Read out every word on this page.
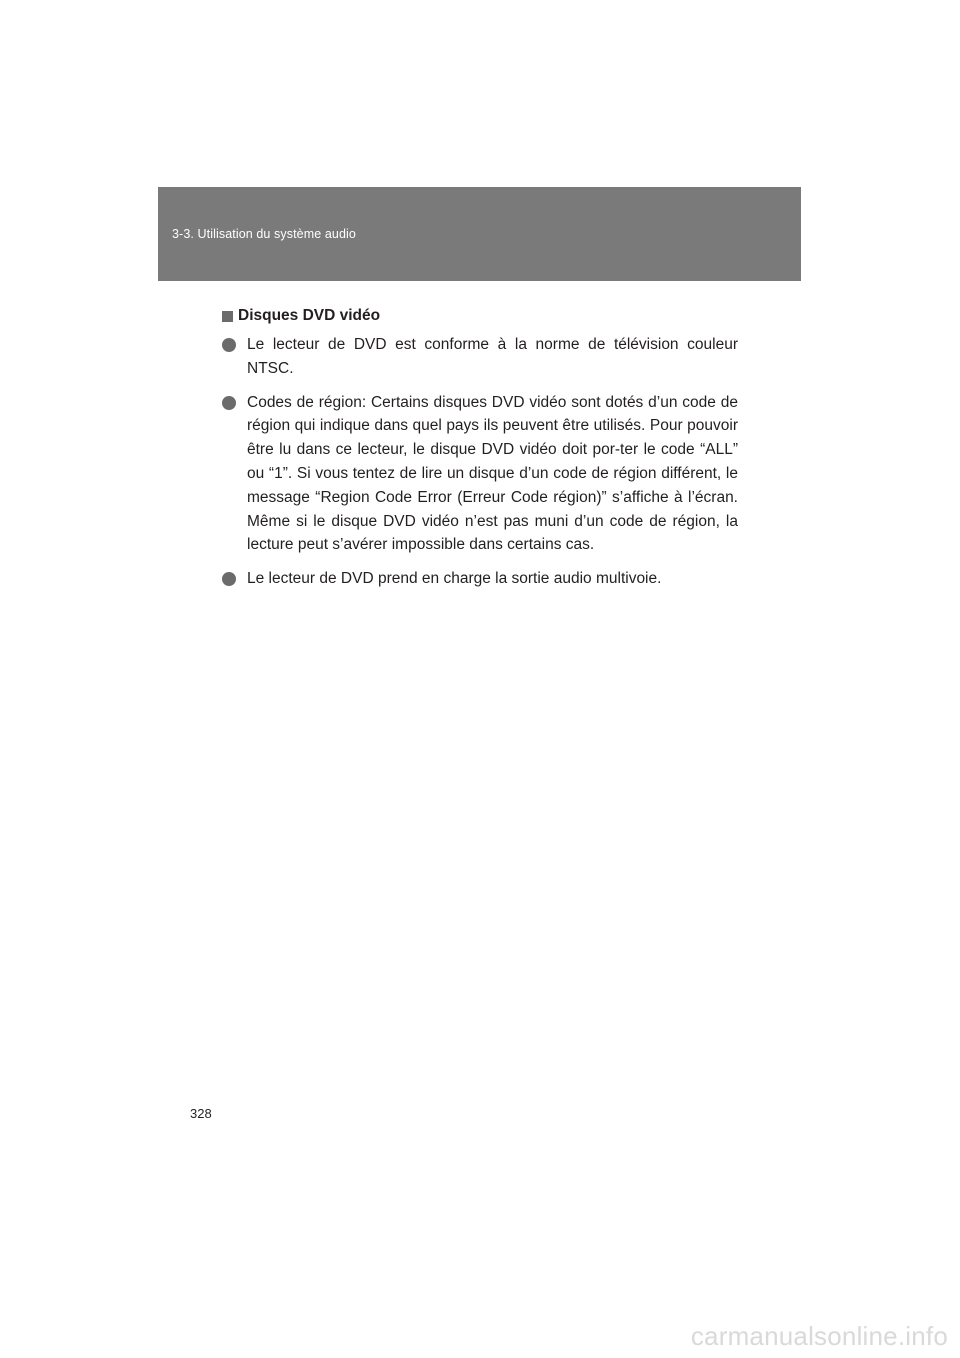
3-3. Utilisation du système audio
Disques DVD vidéo
Le lecteur de DVD est conforme à la norme de télévision couleur NTSC.
Codes de région: Certains disques DVD vidéo sont dotés d’un code de région qui indique dans quel pays ils peuvent être utilisés. Pour pouvoir être lu dans ce lecteur, le disque DVD vidéo doit por-ter le code “ALL” ou “1”. Si vous tentez de lire un disque d’un code de région différent, le message “Region Code Error (Erreur Code région)” s’affiche à l’écran. Même si le disque DVD vidéo n’est pas muni d’un code de région, la lecture peut s’avérer impossible dans certains cas.
Le lecteur de DVD prend en charge la sortie audio multivoie.
328
carmanualsonline.info
